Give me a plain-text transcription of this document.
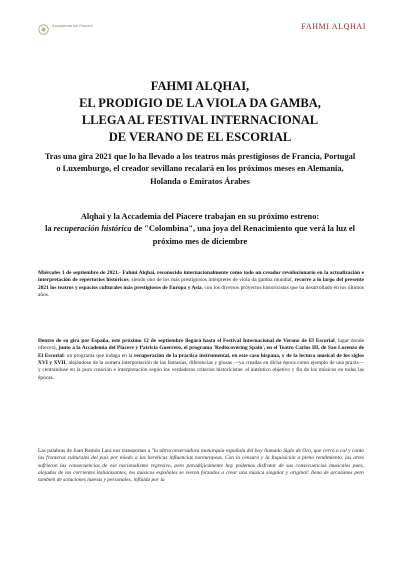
Accademia del Piacere	FAHMI ALQHAI
FAHMI ALQHAI,
EL PRODIGIO DE LA VIOLA DA GAMBA,
LLEGA AL FESTIVAL INTERNACIONAL
DE VERANO DE EL ESCORIAL
Tras una gira 2021 que lo ha llevado a los teatros más prestigiosos de Francia, Portugal o Luxemburgo, el creador sevillano recalará en los próximos meses en Alemania, Holanda o Emiratos Árabes
Alqhai y la Accademia del Piacere trabajan en su próximo estreno:
la recuperación histórica de "Colombina", una joya del Renacimiento que verá la luz el próximo mes de diciembre
Miércoles 1 de septiembre de 2021.- Fahmi Alqhai, reconocido internacionalmente como todo un creador revolucionario en la actualización e interpretación de repertorios históricos, siendo uno de los más prestigiosos intérpretes de viola da gamba mundial, recorre a lo largo del presente 2021 los teatros y espacios culturales más prestigiosos de Europa y Asia, con los diversos proyectos historicistas que ha desarrollado en los últimos años.
Dentro de su gira por España, este próximo 12 de septiembre llegará hasta el Festival Internacional de Verano de El Escorial, lugar donde ofrecerá, junto a la Accademia del Piacere y Patricia Guerrero, el programa 'Rediscovering Spain', en el Teatro Carlos III, de San Lorenzo de El Escorial: un programa que indaga en la recuperación de la práctica instrumental, en este caso hispana, y de la lectura musical de los siglos XVI y XVII, alejándose de la somera interpretación de las fantasías, diferencias y glosas —ya creadas en dicha época como ejemplo de una praxis— y centrándose en la pura creación e interpretación según los verdaderos criterios historicistas: el auténtico objetivo y fin de los músicos en todas las épocas.
Las palabras de Juan Ramón Lara nos transportan a "la ultraconservadora monarquía española del hoy llamado Siglo de Oro, que cerró a cal y canto las fronteras culturales del país por miedo a las heréticas influencias noreuropeas. Con la censura y la Inquisición a pleno rendimiento, las artes sufrieron las consecuencias de ese nacionalismo regresivo, pero paradójicamente hoy podemos disfrutar de sus consecuencias musicales pues, alejados de las corrientes italianizantes, los músicos españoles se vieron forzados a crear una música singular y original: llena de arcaísmos pero también de soluciones nuevas y personales, influida por la
